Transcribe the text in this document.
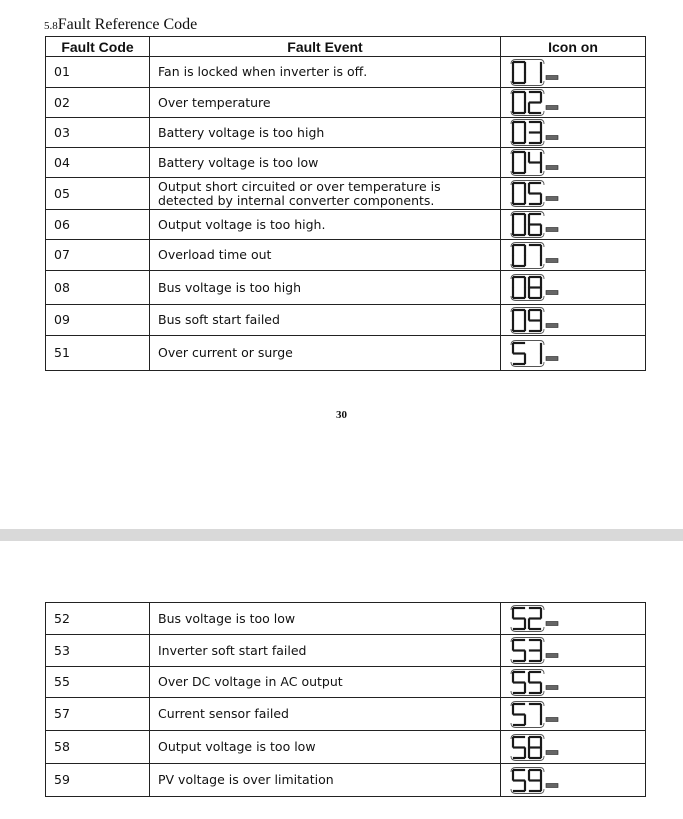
5.8Fault Reference Code
Fault Code	Fault Event	Icon on
01	Fan is locked when inverter is off.	

02	Over temperature	

03	Battery voltage is too high	

04	Battery voltage is too low	

05	Output short circuited or over temperature is detected by internal converter components.	

06	Output voltage is too high.	

07	Overload time out	

08	Bus voltage is too high	

09	Bus soft start failed	

51	Over current or surge	
30
52	Bus voltage is too low	

53	Inverter soft start failed	

55	Over DC voltage in AC output	

57	Current sensor failed	

58	Output voltage is too low	

59	PV voltage is over limitation	
